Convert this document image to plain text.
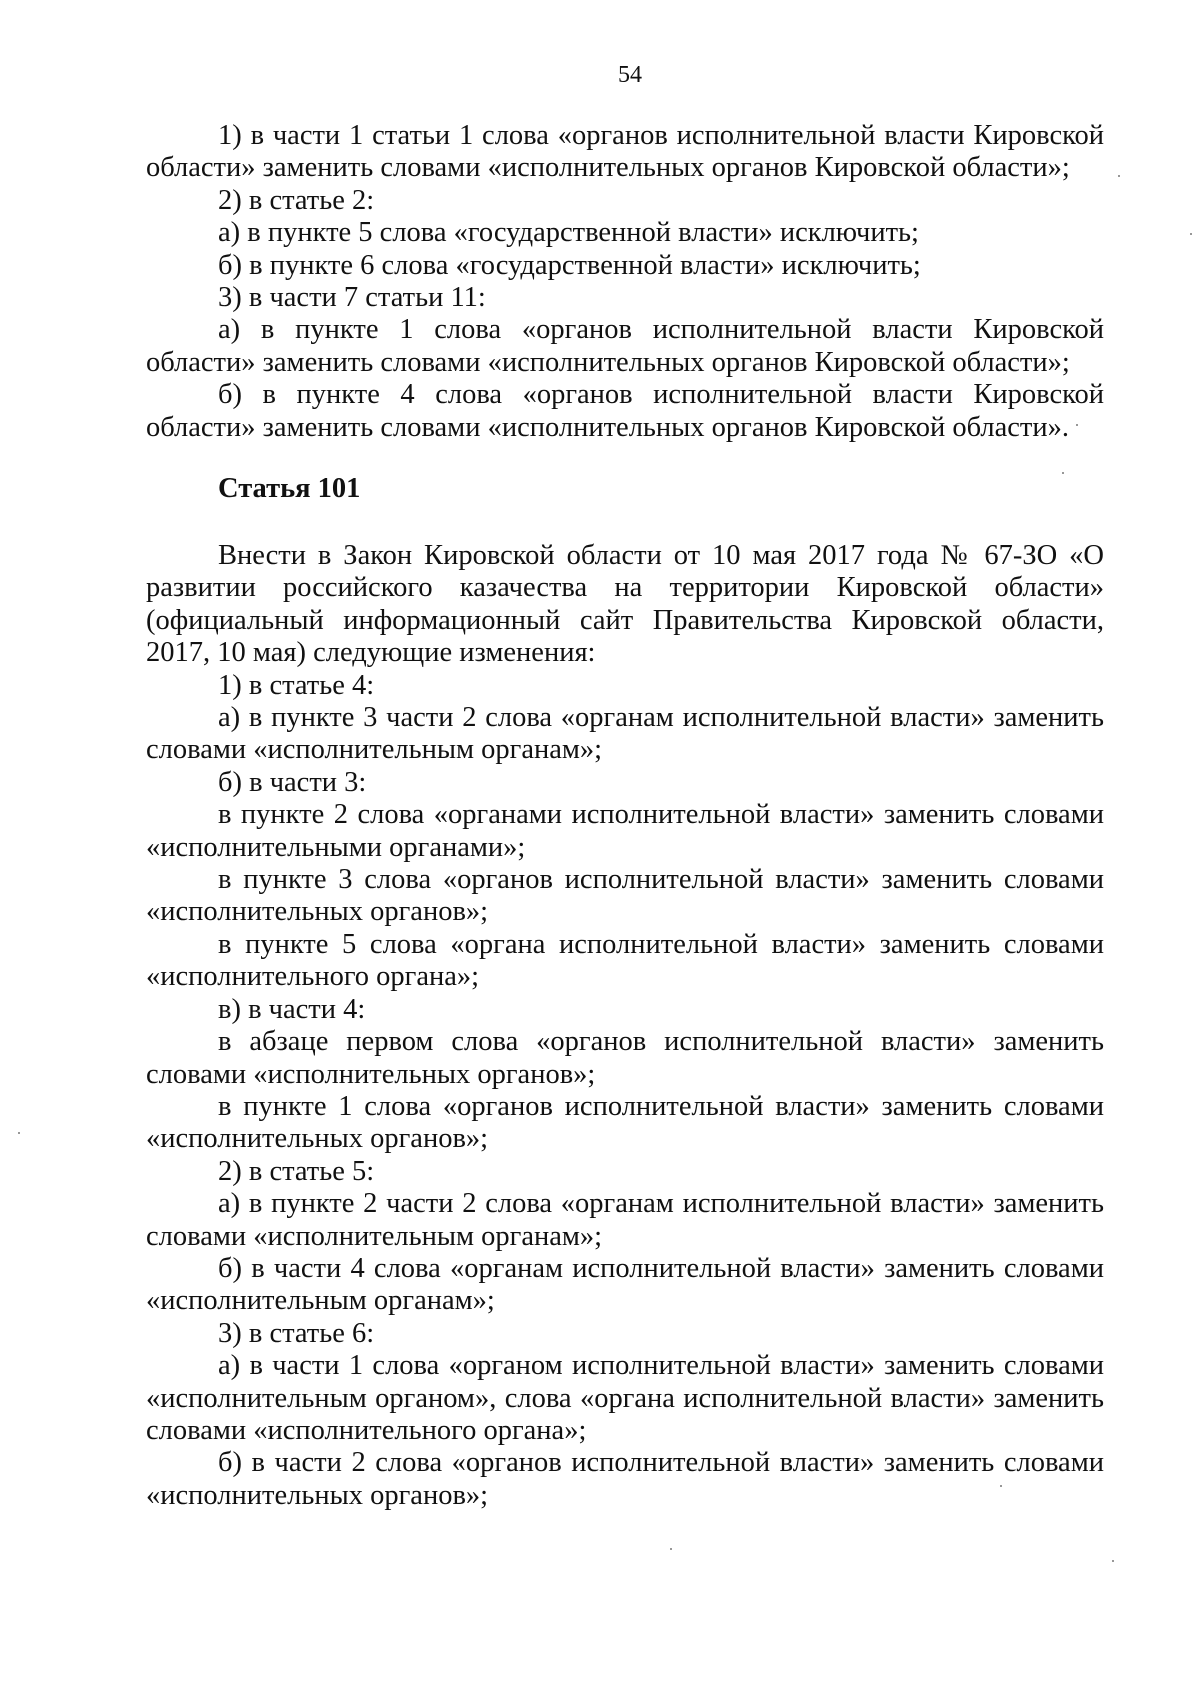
54

1) в части 1 статьи 1 слова «органов исполнительной власти Кировской области» заменить словами «исполнительных органов Кировской области»;

2) в статье 2:

а) в пункте 5 слова «государственной власти» исключить;

б) в пункте 6 слова «государственной власти» исключить;

3) в части 7 статьи 11:

а) в пункте 1 слова «органов исполнительной власти Кировской области» заменить словами «исполнительных органов Кировской области»;

б) в пункте 4 слова «органов исполнительной власти Кировской области» заменить словами «исполнительных органов Кировской области».

Статья 101

Внести в Закон Кировской области от 10 мая 2017 года № 67-ЗО «О развитии российского казачества на территории Кировской области» (официальный информационный сайт Правительства Кировской области, 2017, 10 мая) следующие изменения:

1) в статье 4:

а) в пункте 3 части 2 слова «органам исполнительной власти» заменить словами «исполнительным органам»;

б) в части 3:

в пункте 2 слова «органами исполнительной власти» заменить словами «исполнительными органами»;

в пункте 3 слова «органов исполнительной власти» заменить словами «исполнительных органов»;

в пункте 5 слова «органа исполнительной власти» заменить словами «исполнительного органа»;

в) в части 4:

в абзаце первом слова «органов исполнительной власти» заменить словами «исполнительных органов»;

в пункте 1 слова «органов исполнительной власти» заменить словами «исполнительных органов»;

2) в статье 5:

а) в пункте 2 части 2 слова «органам исполнительной власти» заменить словами «исполнительным органам»;

б) в части 4 слова «органам исполнительной власти» заменить словами «исполнительным органам»;

3) в статье 6:

а) в части 1 слова «органом исполнительной власти» заменить словами «исполнительным органом», слова «органа исполнительной власти» заменить словами «исполнительного органа»;

б) в части 2 слова «органов исполнительной власти» заменить словами «исполнительных органов»;
